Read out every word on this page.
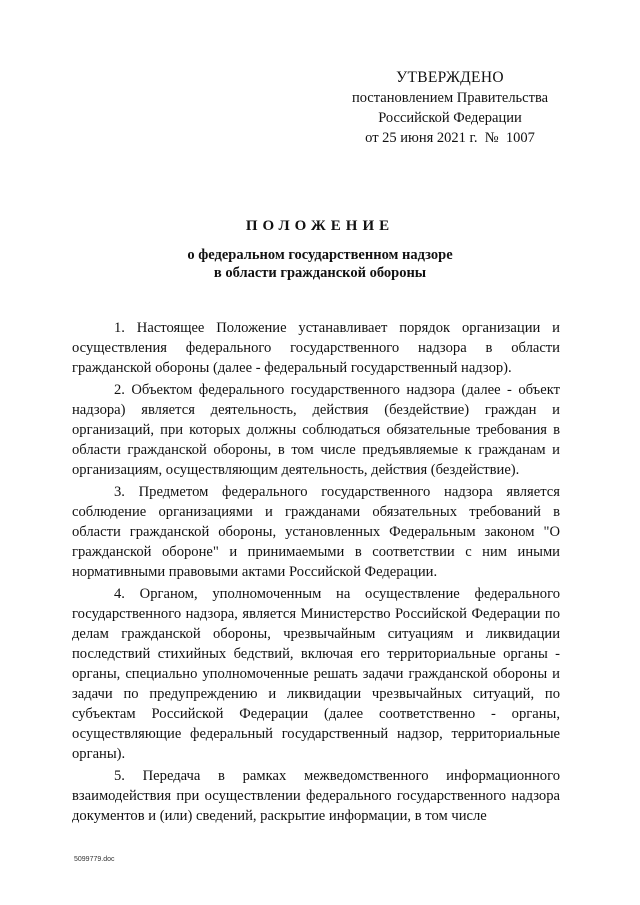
УТВЕРЖДЕНО
постановлением Правительства
Российской Федерации
от 25 июня 2021 г.  №  1007
ПОЛОЖЕНИЕ
о федеральном государственном надзоре
в области гражданской обороны

1. Настоящее Положение устанавливает порядок организации и осуществления федерального государственного надзора в области гражданской обороны (далее - федеральный государственный надзор).

2. Объектом федерального государственного надзора (далее - объект надзора) является деятельность, действия (бездействие) граждан и организаций, при которых должны соблюдаться обязательные требования в области гражданской обороны, в том числе предъявляемые к гражданам и организациям, осуществляющим деятельность, действия (бездействие).

3. Предметом федерального государственного надзора является соблюдение организациями и гражданами обязательных требований в области гражданской обороны, установленных Федеральным законом "О гражданской обороне" и принимаемыми в соответствии с ним иными нормативными правовыми актами Российской Федерации.

4. Органом, уполномоченным на осуществление федерального государственного надзора, является Министерство Российской Федерации по делам гражданской обороны, чрезвычайным ситуациям и ликвидации последствий стихийных бедствий, включая его территориальные органы - органы, специально уполномоченные решать задачи гражданской обороны и задачи по предупреждению и ликвидации чрезвычайных ситуаций, по субъектам Российской Федерации (далее соответственно - органы, осуществляющие федеральный государственный надзор, территориальные органы).

5. Передача в рамках межведомственного информационного взаимодействия при осуществлении федерального государственного надзора документов и (или) сведений, раскрытие информации, в том числе

5099779.doc
